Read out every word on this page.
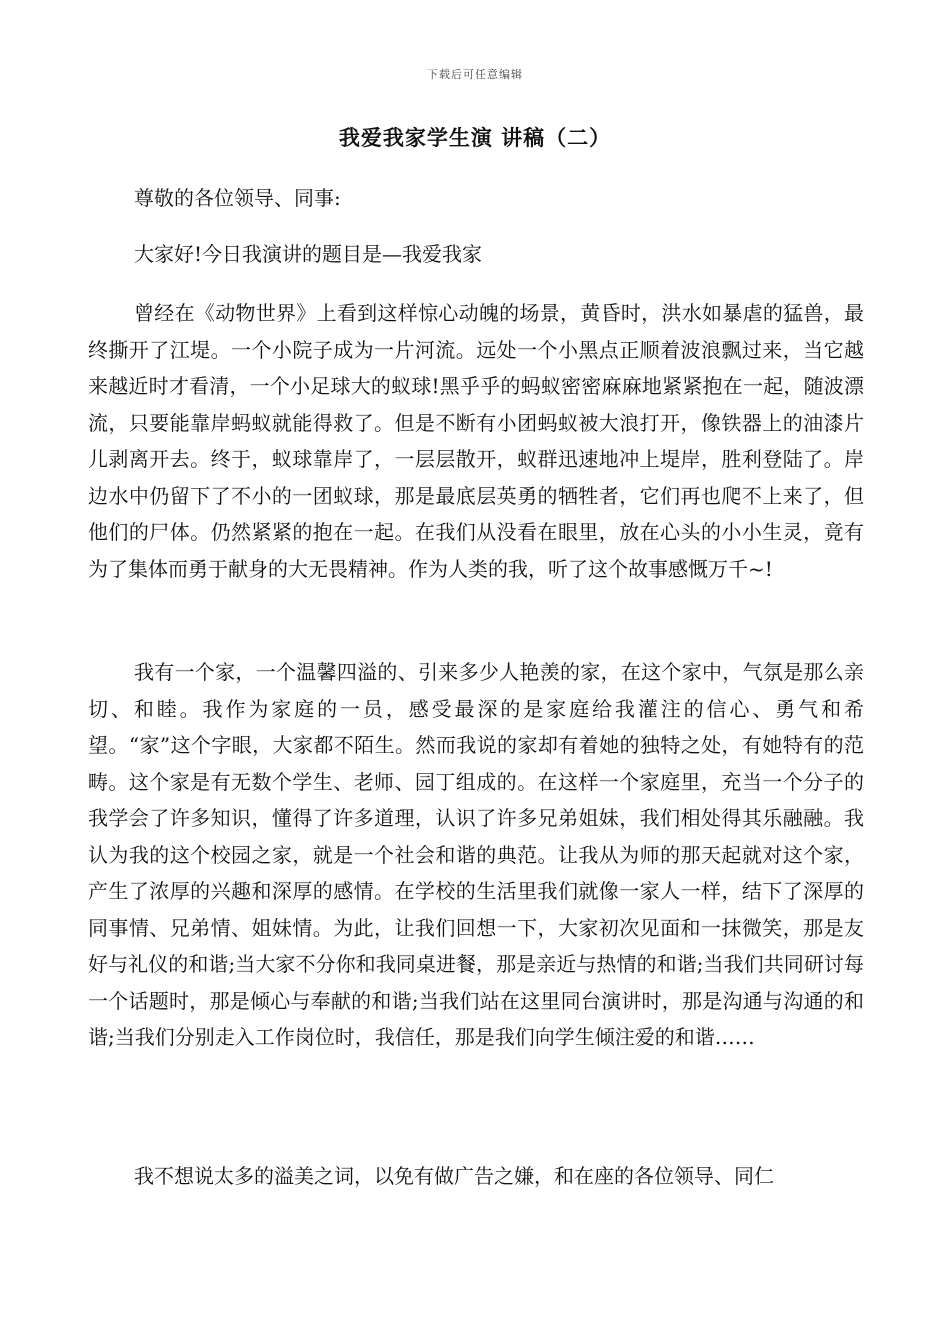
下载后可任意编辑
我爱我家学生演 讲稿（二）

尊敬的各位领导、同事:

大家好!今日我演讲的题目是—我爱我家

曾经在《动物世界》上看到这样惊心动魄的场景，黄昏时，洪水如暴虐的猛兽，最终撕开了江堤。一个小院子成为一片河流。远处一个小黑点正顺着波浪飘过来，当它越来越近时才看清，一个小足球大的蚁球!黑乎乎的蚂蚁密密麻麻地紧紧抱在一起，随波漂流，只要能靠岸蚂蚁就能得救了。但是不断有小团蚂蚁被大浪打开，像铁器上的油漆片儿剥离开去。终于，蚁球靠岸了，一层层散开，蚁群迅速地冲上堤岸，胜利登陆了。岸边水中仍留下了不小的一团蚁球，那是最底层英勇的牺牲者，它们再也爬不上来了，但他们的尸体。仍然紧紧的抱在一起。在我们从没看在眼里，放在心头的小小生灵，竟有为了集体而勇于献身的大无畏精神。作为人类的我，听了这个故事感慨万千~!

我有一个家，一个温馨四溢的、引来多少人艳羡的家，在这个家中，气氛是那么亲切、和睦。我作为家庭的一员，感受最深的是家庭给我灌注的信心、勇气和希望。“家”这个字眼，大家都不陌生。然而我说的家却有着她的独特之处，有她特有的范畴。这个家是有无数个学生、老师、园丁组成的。在这样一个家庭里，充当一个分子的我学会了许多知识，懂得了许多道理，认识了许多兄弟姐妹，我们相处得其乐融融。我认为我的这个校园之家，就是一个社会和谐的典范。让我从为师的那天起就对这个家，产生了浓厚的兴趣和深厚的感情。在学校的生活里我们就像一家人一样，结下了深厚的同事情、兄弟情、姐妹情。为此，让我们回想一下，大家初次见面和一抹微笑，那是友好与礼仪的和谐;当大家不分你和我同桌进餐，那是亲近与热情的和谐;当我们共同研讨每一个话题时，那是倾心与奉献的和谐;当我们站在这里同台演讲时，那是沟通与沟通的和谐;当我们分别走入工作岗位时，我信任，那是我们向学生倾注爱的和谐……

我不想说太多的溢美之词，以免有做广告之嫌，和在座的各位领导、同仁
